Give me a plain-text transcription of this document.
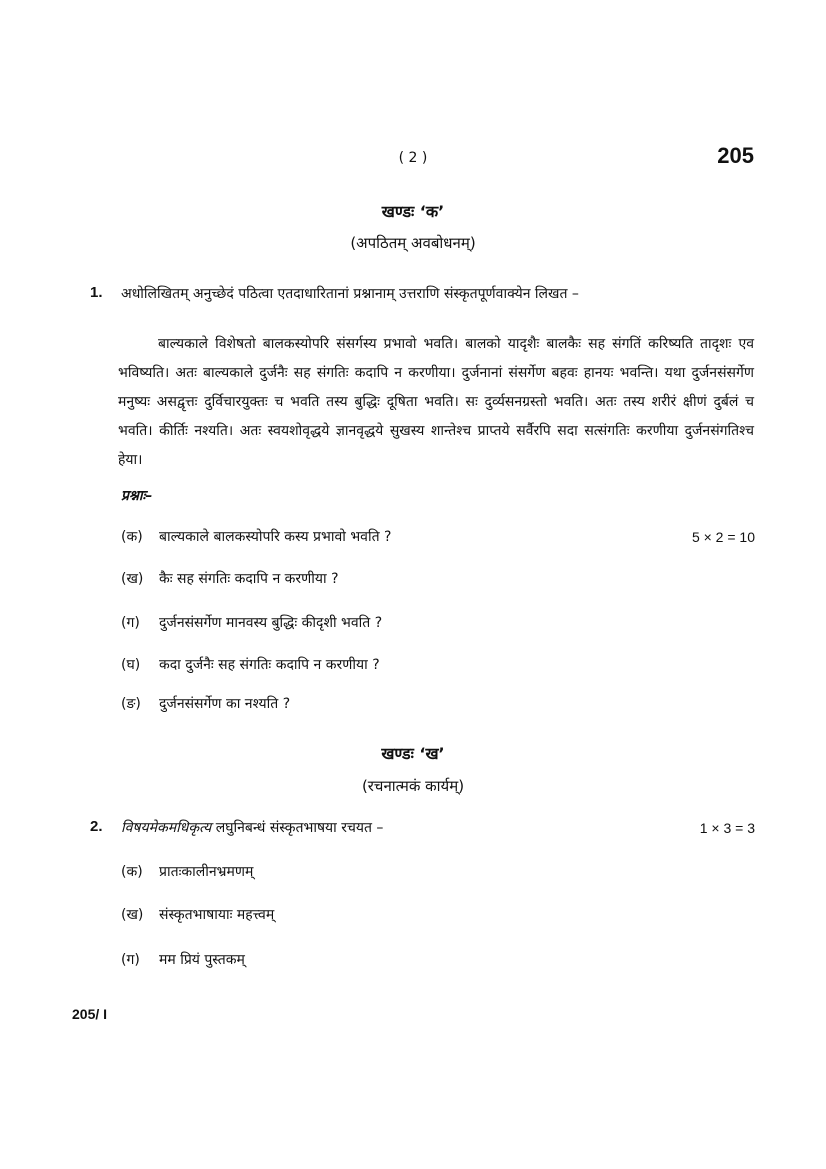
( 2 )	205
खण्डः ‘क’
(अपठितम् अवबोधनम्)
1. अधोलिखितम् अनुच्छेदं पठित्वा एतदाधारितानां प्रश्नानाम् उत्तराणि संस्कृतपूर्णवाक्येन लिखत –

बाल्यकाले विशेषतो बालकस्योपरि संसर्गस्य प्रभावो भवति। बालको यादृशैः बालकैः सह संगतिं करिष्यति तादृशः एव भविष्यति। अतः बाल्यकाले दुर्जनैः सह संगतिः कदापि न करणीया। दुर्जनानां संसर्गेण बहवः हानयः भवन्ति। यथा दुर्जनसंसर्गेण मनुष्यः असद्वृत्तः दुर्विचारयुक्तः च भवति तस्य बुद्धिः दूषिता भवति। सः दुर्व्यसनग्रस्तो भवति। अतः तस्य शरीरं क्षीणं दुर्बलं च भवति। कीर्तिः नश्यति। अतः स्वयशोवृद्धये ज्ञानवृद्धये सुखस्य शान्तेश्च प्राप्तये सर्वैरपि सदा सत्संगतिः करणीया दुर्जनसंगतिश्च हेया।

प्रश्नाः–
5 × 2 = 10
(क) बाल्यकाले बालकस्योपरि कस्य प्रभावो भवति ?
(ख) कैः सह संगतिः कदापि न करणीया ?
(ग) दुर्जनसंसर्गेण मानवस्य बुद्धिः कीदृशी भवति ?
(घ) कदा दुर्जनैः सह संगतिः कदापि न करणीया ?
(ङ) दुर्जनसंसर्गेण का नश्यति ?
खण्डः ‘ख’
(रचनात्मकं कार्यम्)
2. विषयमेकमधिकृत्य लघुनिबन्धं संस्कृतभाषया रचयत –	1 × 3 = 3
(क) प्रातःकालीनभ्रमणम्
(ख) संस्कृतभाषायाः महत्त्वम्
(ग) मम प्रियं पुस्तकम्
205/ I
